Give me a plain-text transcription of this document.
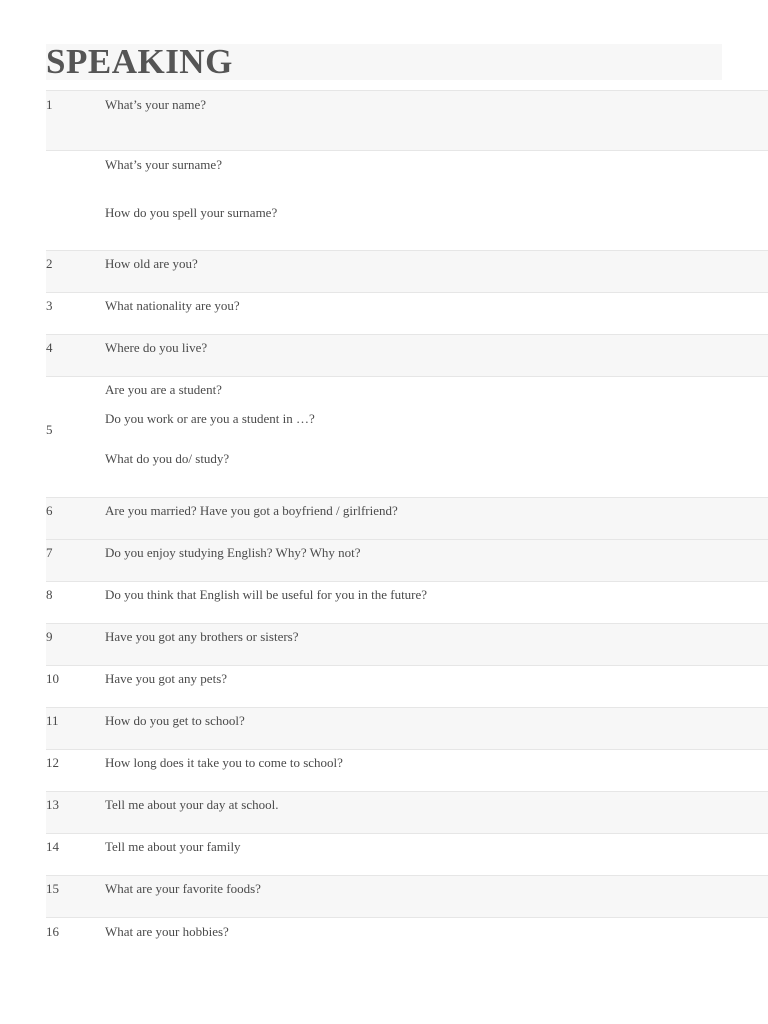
SPEAKING
1	What’s your name?
What’s your surname?
How do you spell your surname?
2	How old are you?
3	What nationality are you?
4	Where do you live?
5
Are you are a student?
Do you work or are you a student in …?
What do you do/ study?
6	Are you married? Have you got a boyfriend / girlfriend?
7	Do you enjoy studying English? Why? Why not?
8	Do you think that English will be useful for you in the future?
9	Have you got any brothers or sisters?
10	Have you got any pets?
11	How do you get to school?
12	How long does it take you to come to school?
13	Tell me about your day at school.
14	Tell me about your family
15	What are your favorite foods?
16	What are your hobbies?
